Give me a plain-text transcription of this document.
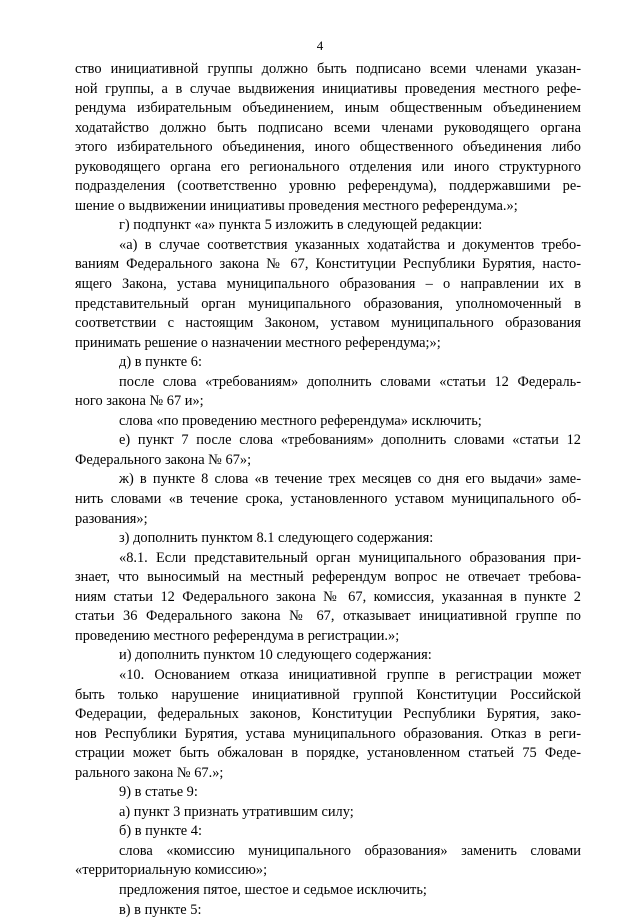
4
ство инициативной группы должно быть подписано всеми членами указан-
ной группы, а в случае выдвижения инициативы проведения местного рефе-
рендума избирательным объединением, иным общественным объединением
ходатайство должно быть подписано всеми членами руководящего органа
этого избирательного объединения, иного общественного объединения либо
руководящего органа его регионального отделения или иного структурного
подразделения (соответственно уровню референдума), поддержавшими ре-
шение о выдвижении инициативы проведения местного референдума.»;
г) подпункт «а» пункта 5 изложить в следующей редакции:
«а) в случае соответствия указанных ходатайства и документов требо-
ваниям Федерального закона № 67, Конституции Республики Бурятия, насто-
ящего Закона, устава муниципального образования – о направлении их в
представительный орган муниципального образования, уполномоченный в
соответствии с настоящим Законом, уставом муниципального образования
принимать решение о назначении местного референдума;»;
д) в пункте 6:
после слова «требованиям» дополнить словами «статьи 12 Федераль-
ного закона № 67 и»;
слова «по проведению местного референдума» исключить;
е) пункт 7 после слова «требованиям» дополнить словами «статьи 12
Федерального закона № 67»;
ж) в пункте 8 слова «в течение трех месяцев со дня его выдачи» заме-
нить словами «в течение срока, установленного уставом муниципального об-
разования»;
з) дополнить пунктом 8.1 следующего содержания:
«8.1. Если представительный орган муниципального образования при-
знает, что выносимый на местный референдум вопрос не отвечает требова-
ниям статьи 12 Федерального закона № 67, комиссия, указанная в пункте 2
статьи 36 Федерального закона № 67, отказывает инициативной группе по
проведению местного референдума в регистрации.»;
и) дополнить пунктом 10 следующего содержания:
«10. Основанием отказа инициативной группе в регистрации может
быть только нарушение инициативной группой Конституции Российской
Федерации, федеральных законов, Конституции Республики Бурятия, зако-
нов Республики Бурятия, устава муниципального образования. Отказ в реги-
страции может быть обжалован в порядке, установленном статьей 75 Феде-
рального закона № 67.»;
9) в статье 9:
а) пункт 3 признать утратившим силу;
б) в пункте 4:
слова «комиссию муниципального образования» заменить словами
«территориальную комиссию»;
предложения пятое, шестое и седьмое исключить;
в) в пункте 5:
